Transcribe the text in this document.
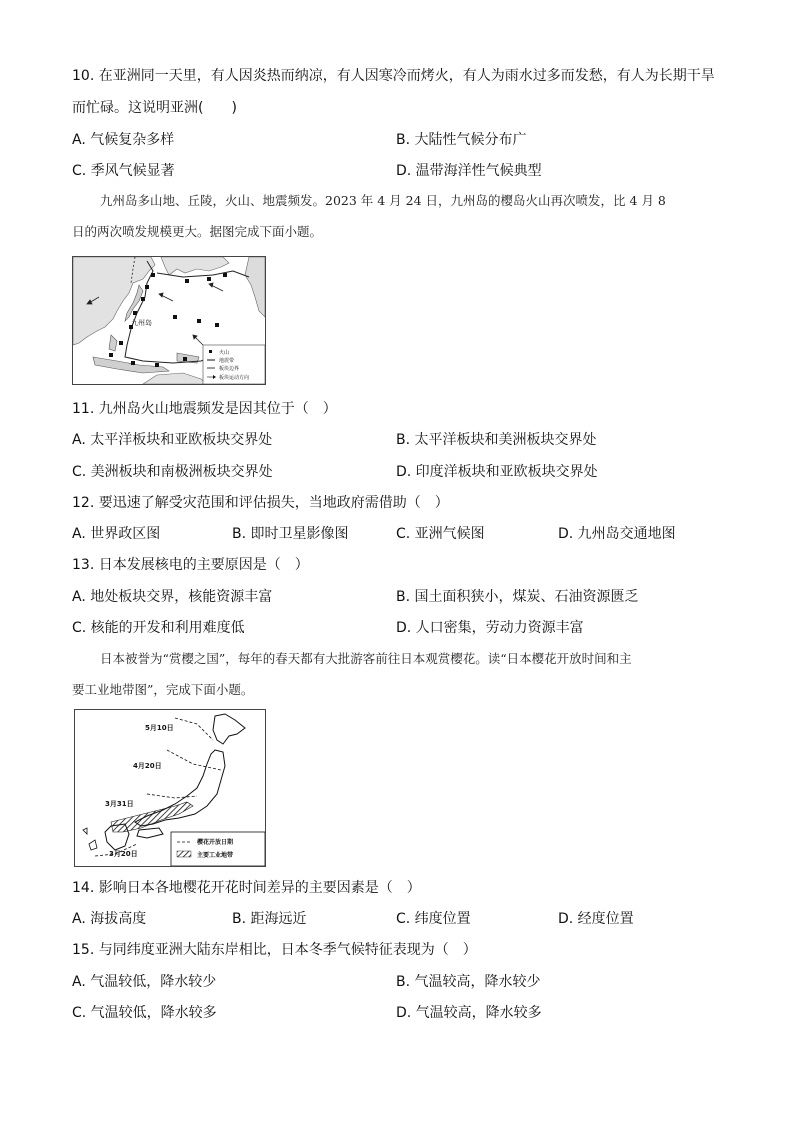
10. 在亚洲同一天里，有人因炎热而纳凉，有人因寒冷而烤火，有人为雨水过多而发愁，有人为长期干旱
而忙碌。这说明亚洲(　　)
A. 气候复杂多样	B. 大陆性气候分布广
C. 季风气候显著	D. 温带海洋性气候典型
九州岛多山地、丘陵，火山、地震频发。2023 年 4 月 24 日，九州岛的樱岛火山再次喷发，比 4 月 8
日的两次喷发规模更大。据图完成下面小题。
九州岛
火山
地震带
板块边界
板块运动方向
11. 九州岛火山地震频发是因其位于（　）
A. 太平洋板块和亚欧板块交界处	B. 太平洋板块和美洲板块交界处
C. 美洲板块和南极洲板块交界处	D. 印度洋板块和亚欧板块交界处
12. 要迅速了解受灾范围和评估损失，当地政府需借助（　）
A. 世界政区图	B. 即时卫星影像图	C. 亚洲气候图	D. 九州岛交通地图
13. 日本发展核电的主要原因是（　）
A. 地处板块交界，核能资源丰富	B. 国土面积狭小，煤炭、石油资源匮乏
C. 核能的开发和利用难度低	D. 人口密集，劳动力资源丰富
日本被誉为“赏樱之国”，每年的春天都有大批游客前往日本观赏樱花。读“日本樱花开放时间和主
要工业地带图”，完成下面小题。
5月10日
4月20日
3月31日
3月20日
樱花开放日期
主要工业地带
14. 影响日本各地樱花开花时间差异的主要因素是（　）
A. 海拔高度	B. 距海远近	C. 纬度位置	D. 经度位置
15. 与同纬度亚洲大陆东岸相比，日本冬季气候特征表现为（　）
A. 气温较低，降水较少	B. 气温较高，降水较少
C. 气温较低，降水较多	D. 气温较高，降水较多
